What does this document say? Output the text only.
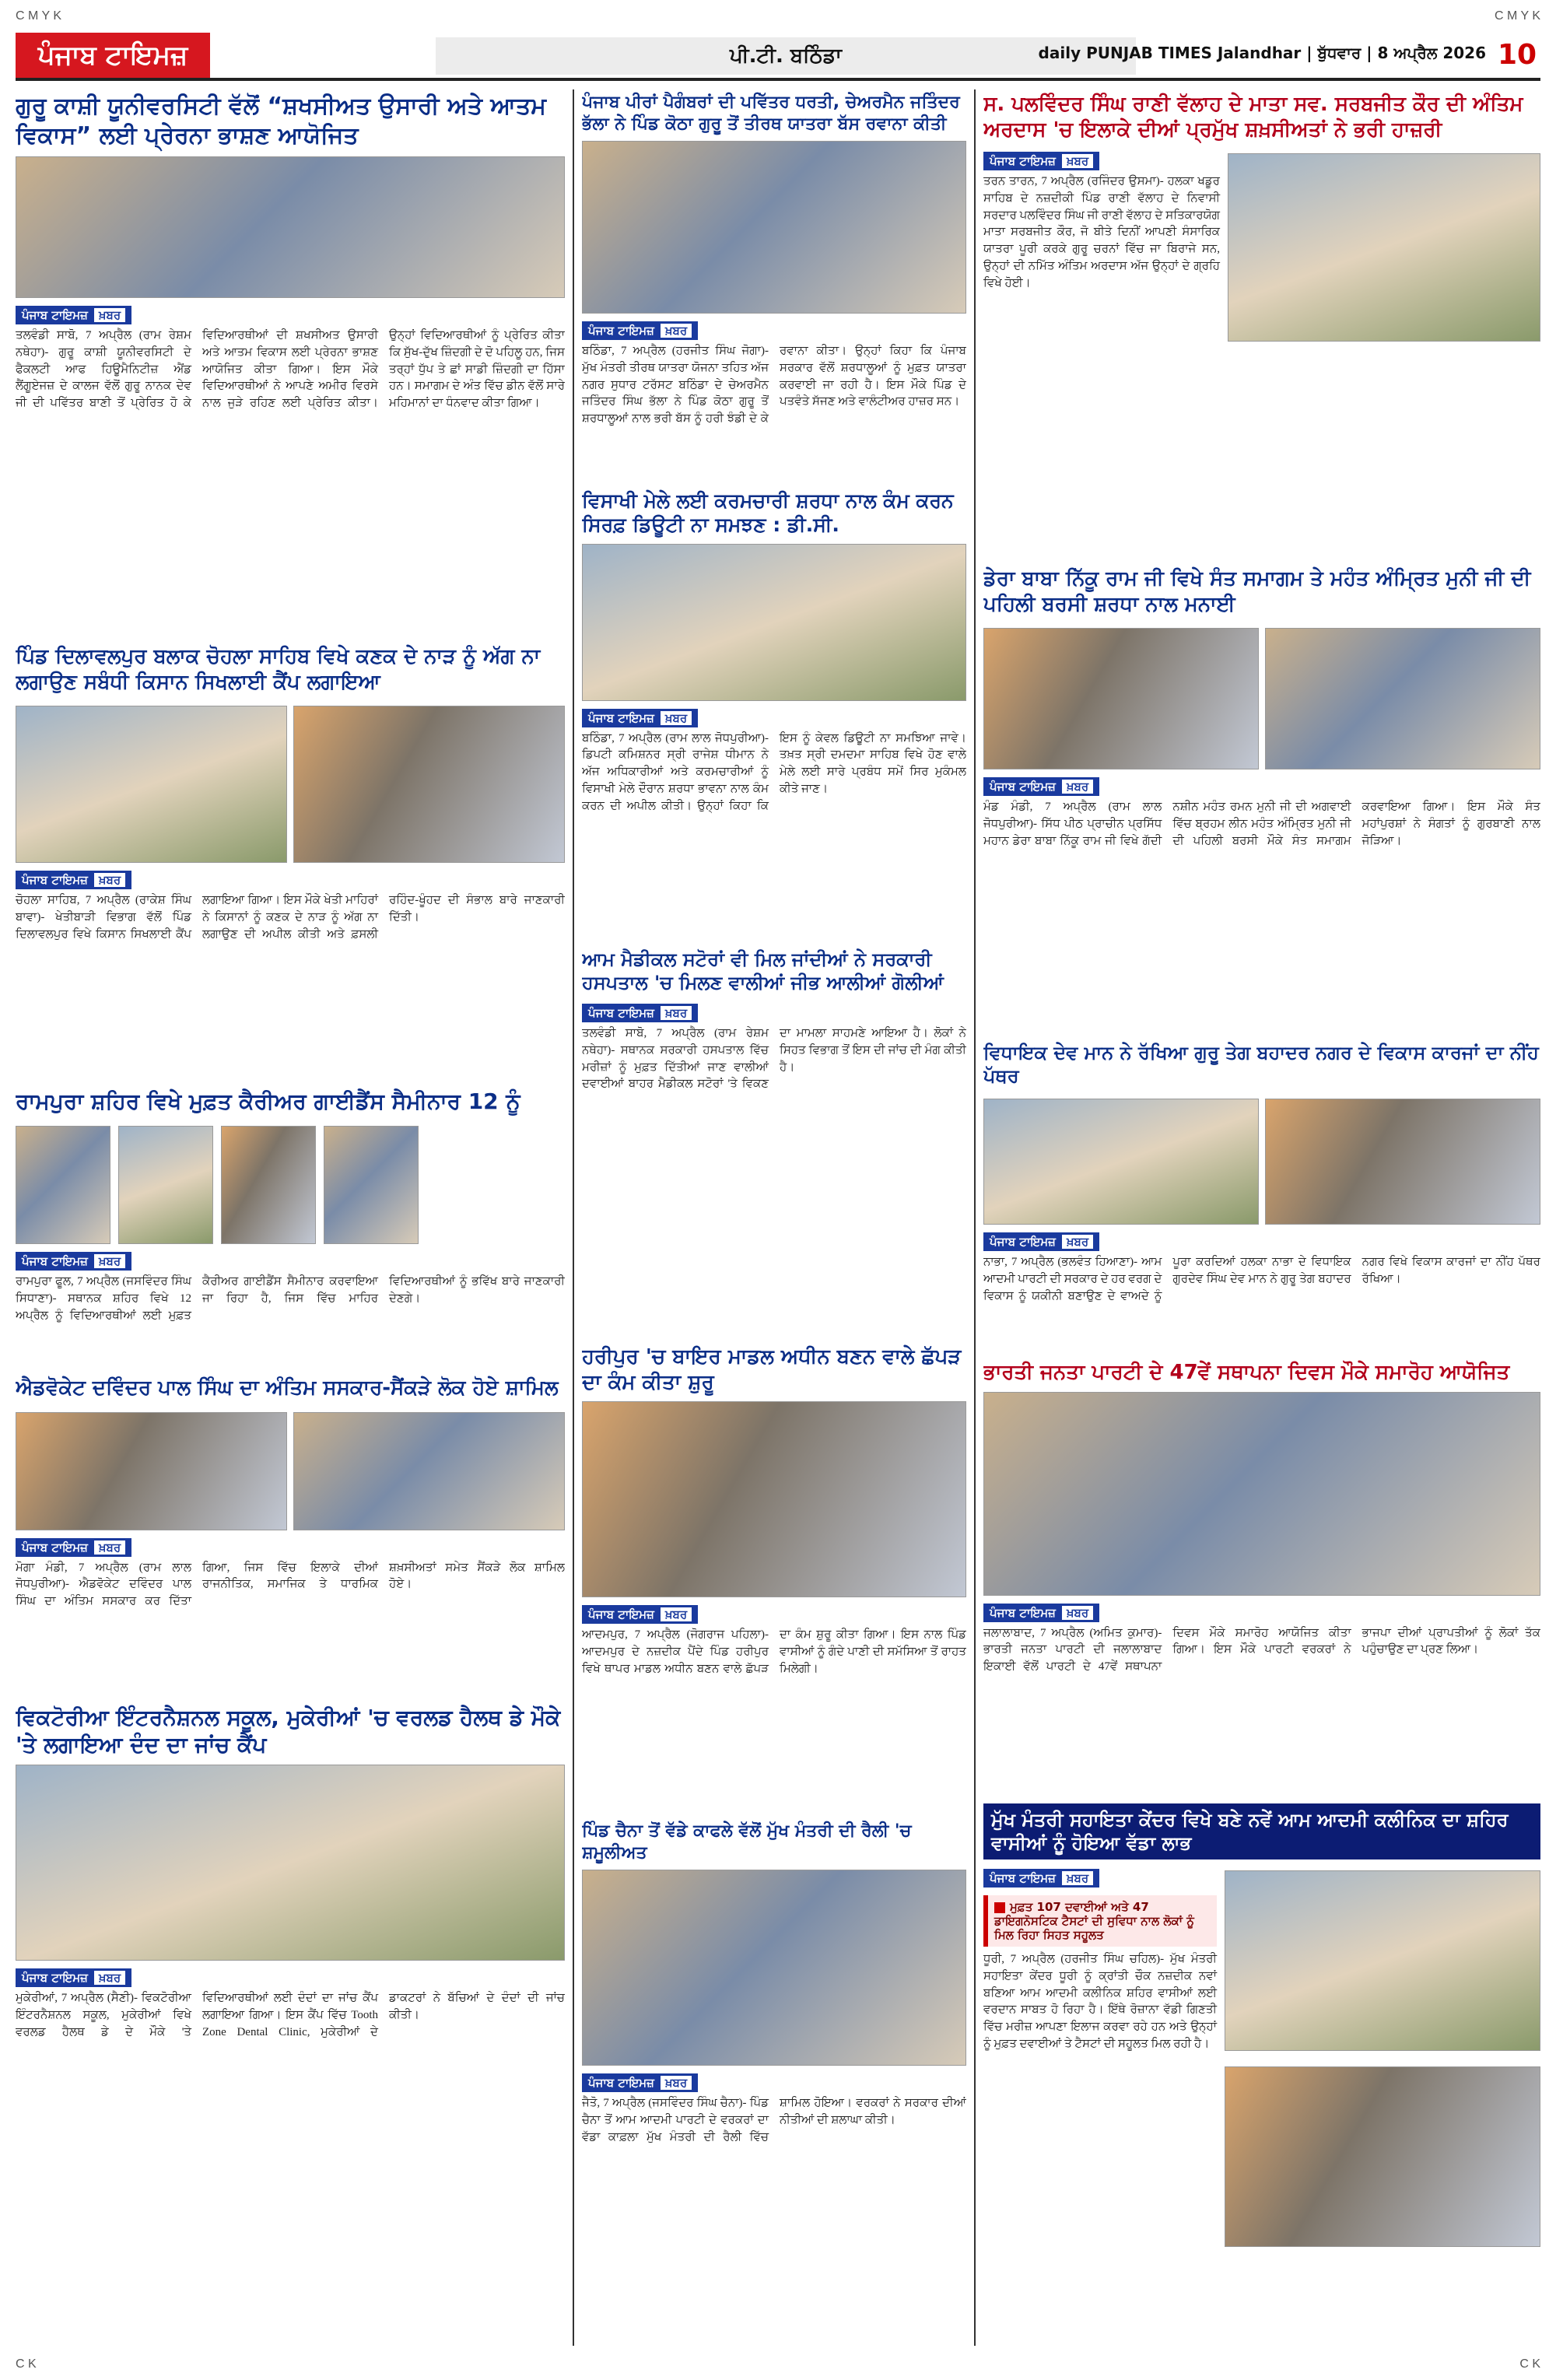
C M Y K	C M Y K
C K	C K
ਪੰਜਾਬ ਟਾਇਮਜ਼	ਪੀ.ਟੀ. ਬਠਿੰਡਾ	daily PUNJAB TIMES Jalandhar | ਬੁੱਧਵਾਰ | 8 ਅਪ੍ਰੈਲ 2026 10
ਗੁਰੂ ਕਾਸ਼ੀ ਯੂਨੀਵਰਸਿਟੀ ਵੱਲੋਂ “ਸ਼ਖਸੀਅਤ ਉਸਾਰੀ ਅਤੇ ਆਤਮ ਵਿਕਾਸ” ਲਈ ਪ੍ਰੇਰਨਾ ਭਾਸ਼ਣ ਆਯੋਜਿਤ
ਪੰਜਾਬ ਟਾਇਮਜ਼ ਖ਼ਬਰ
ਤਲਵੰਡੀ ਸਾਬੋ, 7 ਅਪ੍ਰੈਲ (ਰਾਮ ਰੇਸ਼ਮ ਨਥੇਹਾ)- ਗੁਰੂ ਕਾਸ਼ੀ ਯੂਨੀਵਰਸਿਟੀ ਦੇ ਫੈਕਲਟੀ ਆਫ ਹਿਊਮੈਨਿਟੀਜ਼ ਐਂਡ ਲੈਂਗੂਏਜਜ਼ ਦੇ ਕਾਲਜ ਵੱਲੋਂ ਗੁਰੂ ਨਾਨਕ ਦੇਵ ਜੀ ਦੀ ਪਵਿੱਤਰ ਬਾਣੀ ਤੋਂ ਪ੍ਰੇਰਿਤ ਹੋ ਕੇ ਵਿਦਿਆਰਥੀਆਂ ਦੀ ਸ਼ਖਸੀਅਤ ਉਸਾਰੀ ਅਤੇ ਆਤਮ ਵਿਕਾਸ ਲਈ ਪ੍ਰੇਰਨਾ ਭਾਸ਼ਣ ਆਯੋਜਿਤ ਕੀਤਾ ਗਿਆ। ਇਸ ਮੌਕੇ ਵਿਦਿਆਰਥੀਆਂ ਨੇ ਆਪਣੇ ਅਮੀਰ ਵਿਰਸੇ ਨਾਲ ਜੁੜੇ ਰਹਿਣ ਲਈ ਪ੍ਰੇਰਿਤ ਕੀਤਾ। ਉਨ੍ਹਾਂ ਵਿਦਿਆਰਥੀਆਂ ਨੂੰ ਪ੍ਰੇਰਿਤ ਕੀਤਾ ਕਿ ਸੁੱਖ-ਦੁੱਖ ਜ਼ਿੰਦਗੀ ਦੇ ਦੋ ਪਹਿਲੂ ਹਨ, ਜਿਸ ਤਰ੍ਹਾਂ ਧੁੱਪ ਤੇ ਛਾਂ ਸਾਡੀ ਜ਼ਿੰਦਗੀ ਦਾ ਹਿੱਸਾ ਹਨ। ਸਮਾਗਮ ਦੇ ਅੰਤ ਵਿੱਚ ਡੀਨ ਵੱਲੋਂ ਸਾਰੇ ਮਹਿਮਾਨਾਂ ਦਾ ਧੰਨਵਾਦ ਕੀਤਾ ਗਿਆ।
ਪਿੰਡ ਦਿਲਾਵਲਪੁਰ ਬਲਾਕ ਚੋਹਲਾ ਸਾਹਿਬ ਵਿਖੇ ਕਣਕ ਦੇ ਨਾੜ ਨੂੰ ਅੱਗ ਨਾ ਲਗਾਉਣ ਸਬੰਧੀ ਕਿਸਾਨ ਸਿਖਲਾਈ ਕੈਂਪ ਲਗਾਇਆ
ਪੰਜਾਬ ਟਾਇਮਜ਼ ਖ਼ਬਰ
ਚੋਹਲਾ ਸਾਹਿਬ, 7 ਅਪ੍ਰੈਲ (ਰਾਕੇਸ਼ ਸਿੰਘ ਬਾਵਾ)- ਖੇਤੀਬਾੜੀ ਵਿਭਾਗ ਵੱਲੋਂ ਪਿੰਡ ਦਿਲਾਵਲਪੁਰ ਵਿਖੇ ਕਿਸਾਨ ਸਿਖਲਾਈ ਕੈਂਪ ਲਗਾਇਆ ਗਿਆ। ਇਸ ਮੌਕੇ ਖੇਤੀ ਮਾਹਿਰਾਂ ਨੇ ਕਿਸਾਨਾਂ ਨੂੰ ਕਣਕ ਦੇ ਨਾੜ ਨੂੰ ਅੱਗ ਨਾ ਲਗਾਉਣ ਦੀ ਅਪੀਲ ਕੀਤੀ ਅਤੇ ਫ਼ਸਲੀ ਰਹਿੰਦ-ਖੂੰਹਦ ਦੀ ਸੰਭਾਲ ਬਾਰੇ ਜਾਣਕਾਰੀ ਦਿੱਤੀ।
ਰਾਮਪੁਰਾ ਸ਼ਹਿਰ ਵਿਖੇ ਮੁਫ਼ਤ ਕੈਰੀਅਰ ਗਾਈਡੈਂਸ ਸੈਮੀਨਾਰ 12 ਨੂੰ
ਪੰਜਾਬ ਟਾਇਮਜ਼ ਖ਼ਬਰ
ਰਾਮਪੁਰਾ ਫੂਲ, 7 ਅਪ੍ਰੈਲ (ਜਸਵਿੰਦਰ ਸਿੰਘ ਸਿਧਾਣਾ)- ਸਥਾਨਕ ਸ਼ਹਿਰ ਵਿਖੇ 12 ਅਪ੍ਰੈਲ ਨੂੰ ਵਿਦਿਆਰਥੀਆਂ ਲਈ ਮੁਫ਼ਤ ਕੈਰੀਅਰ ਗਾਈਡੈਂਸ ਸੈਮੀਨਾਰ ਕਰਵਾਇਆ ਜਾ ਰਿਹਾ ਹੈ, ਜਿਸ ਵਿੱਚ ਮਾਹਿਰ ਵਿਦਿਆਰਥੀਆਂ ਨੂੰ ਭਵਿੱਖ ਬਾਰੇ ਜਾਣਕਾਰੀ ਦੇਣਗੇ।
ਐਡਵੋਕੇਟ ਦਵਿੰਦਰ ਪਾਲ ਸਿੰਘ ਦਾ ਅੰਤਿਮ ਸਸਕਾਰ-ਸੈਂਕੜੇ ਲੋਕ ਹੋਏ ਸ਼ਾਮਿਲ
ਪੰਜਾਬ ਟਾਇਮਜ਼ ਖ਼ਬਰ
ਮੋਗਾ ਮੰਡੀ, 7 ਅਪ੍ਰੈਲ (ਰਾਮ ਲਾਲ ਜੋਧਪੁਰੀਆ)- ਐਡਵੋਕੇਟ ਦਵਿੰਦਰ ਪਾਲ ਸਿੰਘ ਦਾ ਅੰਤਿਮ ਸਸਕਾਰ ਕਰ ਦਿੱਤਾ ਗਿਆ, ਜਿਸ ਵਿੱਚ ਇਲਾਕੇ ਦੀਆਂ ਰਾਜਨੀਤਿਕ, ਸਮਾਜਿਕ ਤੇ ਧਾਰਮਿਕ ਸ਼ਖ਼ਸੀਅਤਾਂ ਸਮੇਤ ਸੈਂਕੜੇ ਲੋਕ ਸ਼ਾਮਿਲ ਹੋਏ।
ਵਿਕਟੋਰੀਆ ਇੰਟਰਨੈਸ਼ਨਲ ਸਕੂਲ, ਮੁਕੇਰੀਆਂ 'ਚ ਵਰਲਡ ਹੈਲਥ ਡੇ ਮੌਕੇ 'ਤੇ ਲਗਾਇਆ ਦੰਦ ਦਾ ਜਾਂਚ ਕੈਂਪ
ਪੰਜਾਬ ਟਾਇਮਜ਼ ਖ਼ਬਰ
ਮੁਕੇਰੀਆਂ, 7 ਅਪ੍ਰੈਲ (ਸੈਣੀ)- ਵਿਕਟੋਰੀਆ ਇੰਟਰਨੈਸ਼ਨਲ ਸਕੂਲ, ਮੁਕੇਰੀਆਂ ਵਿਖੇ ਵਰਲਡ ਹੈਲਥ ਡੇ ਦੇ ਮੌਕੇ 'ਤੇ ਵਿਦਿਆਰਥੀਆਂ ਲਈ ਦੰਦਾਂ ਦਾ ਜਾਂਚ ਕੈਂਪ ਲਗਾਇਆ ਗਿਆ। ਇਸ ਕੈਂਪ ਵਿੱਚ Tooth Zone Dental Clinic, ਮੁਕੇਰੀਆਂ ਦੇ ਡਾਕਟਰਾਂ ਨੇ ਬੱਚਿਆਂ ਦੇ ਦੰਦਾਂ ਦੀ ਜਾਂਚ ਕੀਤੀ।
ਪੰਜਾਬ ਪੀਰਾਂ ਪੈਗੰਬਰਾਂ ਦੀ ਪਵਿੱਤਰ ਧਰਤੀ, ਚੇਅਰਮੈਨ ਜਤਿੰਦਰ ਭੱਲਾ ਨੇ ਪਿੰਡ ਕੋਠਾ ਗੁਰੂ ਤੋਂ ਤੀਰਥ ਯਾਤਰਾ ਬੱਸ ਰਵਾਨਾ ਕੀਤੀ
ਪੰਜਾਬ ਟਾਇਮਜ਼ ਖ਼ਬਰ
ਬਠਿੰਡਾ, 7 ਅਪ੍ਰੈਲ (ਹਰਜੀਤ ਸਿੰਘ ਜੋਗਾ)- ਮੁੱਖ ਮੰਤਰੀ ਤੀਰਥ ਯਾਤਰਾ ਯੋਜਨਾ ਤਹਿਤ ਅੱਜ ਨਗਰ ਸੁਧਾਰ ਟਰੱਸਟ ਬਠਿੰਡਾ ਦੇ ਚੇਅਰਮੈਨ ਜਤਿੰਦਰ ਸਿੰਘ ਭੱਲਾ ਨੇ ਪਿੰਡ ਕੋਠਾ ਗੁਰੂ ਤੋਂ ਸ਼ਰਧਾਲੂਆਂ ਨਾਲ ਭਰੀ ਬੱਸ ਨੂੰ ਹਰੀ ਝੰਡੀ ਦੇ ਕੇ ਰਵਾਨਾ ਕੀਤਾ। ਉਨ੍ਹਾਂ ਕਿਹਾ ਕਿ ਪੰਜਾਬ ਸਰਕਾਰ ਵੱਲੋਂ ਸ਼ਰਧਾਲੂਆਂ ਨੂੰ ਮੁਫ਼ਤ ਯਾਤਰਾ ਕਰਵਾਈ ਜਾ ਰਹੀ ਹੈ। ਇਸ ਮੌਕੇ ਪਿੰਡ ਦੇ ਪਤਵੰਤੇ ਸੱਜਣ ਅਤੇ ਵਾਲੰਟੀਅਰ ਹਾਜ਼ਰ ਸਨ।
ਵਿਸਾਖੀ ਮੇਲੇ ਲਈ ਕਰਮਚਾਰੀ ਸ਼ਰਧਾ ਨਾਲ ਕੰਮ ਕਰਨ ਸਿਰਫ਼ ਡਿਊਟੀ ਨਾ ਸਮਝਣ : ਡੀ.ਸੀ.
ਪੰਜਾਬ ਟਾਇਮਜ਼ ਖ਼ਬਰ
ਬਠਿੰਡਾ, 7 ਅਪ੍ਰੈਲ (ਰਾਮ ਲਾਲ ਜੋਧਪੁਰੀਆ)- ਡਿਪਟੀ ਕਮਿਸ਼ਨਰ ਸ੍ਰੀ ਰਾਜੇਸ਼ ਧੀਮਾਨ ਨੇ ਅੱਜ ਅਧਿਕਾਰੀਆਂ ਅਤੇ ਕਰਮਚਾਰੀਆਂ ਨੂੰ ਵਿਸਾਖੀ ਮੇਲੇ ਦੌਰਾਨ ਸ਼ਰਧਾ ਭਾਵਨਾ ਨਾਲ ਕੰਮ ਕਰਨ ਦੀ ਅਪੀਲ ਕੀਤੀ। ਉਨ੍ਹਾਂ ਕਿਹਾ ਕਿ ਇਸ ਨੂੰ ਕੇਵਲ ਡਿਊਟੀ ਨਾ ਸਮਝਿਆ ਜਾਵੇ। ਤਖ਼ਤ ਸ੍ਰੀ ਦਮਦਮਾ ਸਾਹਿਬ ਵਿਖੇ ਹੋਣ ਵਾਲੇ ਮੇਲੇ ਲਈ ਸਾਰੇ ਪ੍ਰਬੰਧ ਸਮੇਂ ਸਿਰ ਮੁਕੰਮਲ ਕੀਤੇ ਜਾਣ।
ਆਮ ਮੈਡੀਕਲ ਸਟੋਰਾਂ ਵੀ ਮਿਲ ਜਾਂਦੀਆਂ ਨੇ ਸਰਕਾਰੀ ਹਸਪਤਾਲ 'ਚ ਮਿਲਣ ਵਾਲੀਆਂ ਜੀਭ ਆਲੀਆਂ ਗੋਲੀਆਂ
ਪੰਜਾਬ ਟਾਇਮਜ਼ ਖ਼ਬਰ
ਤਲਵੰਡੀ ਸਾਬੋ, 7 ਅਪ੍ਰੈਲ (ਰਾਮ ਰੇਸ਼ਮ ਨਥੇਹਾ)- ਸਥਾਨਕ ਸਰਕਾਰੀ ਹਸਪਤਾਲ ਵਿੱਚ ਮਰੀਜ਼ਾਂ ਨੂੰ ਮੁਫ਼ਤ ਦਿੱਤੀਆਂ ਜਾਣ ਵਾਲੀਆਂ ਦਵਾਈਆਂ ਬਾਹਰ ਮੈਡੀਕਲ ਸਟੋਰਾਂ 'ਤੇ ਵਿਕਣ ਦਾ ਮਾਮਲਾ ਸਾਹਮਣੇ ਆਇਆ ਹੈ। ਲੋਕਾਂ ਨੇ ਸਿਹਤ ਵਿਭਾਗ ਤੋਂ ਇਸ ਦੀ ਜਾਂਚ ਦੀ ਮੰਗ ਕੀਤੀ ਹੈ।
ਹਰੀਪੁਰ 'ਚ ਬਾਇਰ ਮਾਡਲ ਅਧੀਨ ਬਣਨ ਵਾਲੇ ਛੱਪੜ ਦਾ ਕੰਮ ਕੀਤਾ ਸ਼ੁਰੂ
ਪੰਜਾਬ ਟਾਇਮਜ਼ ਖ਼ਬਰ
ਆਦਮਪੁਰ, 7 ਅਪ੍ਰੈਲ (ਜੋਗਰਾਜ ਪਹਿਲਾ)- ਆਦਮਪੁਰ ਦੇ ਨਜ਼ਦੀਕ ਪੈਂਦੇ ਪਿੰਡ ਹਰੀਪੁਰ ਵਿਖੇ ਥਾਪਰ ਮਾਡਲ ਅਧੀਨ ਬਣਨ ਵਾਲੇ ਛੱਪੜ ਦਾ ਕੰਮ ਸ਼ੁਰੂ ਕੀਤਾ ਗਿਆ। ਇਸ ਨਾਲ ਪਿੰਡ ਵਾਸੀਆਂ ਨੂੰ ਗੰਦੇ ਪਾਣੀ ਦੀ ਸਮੱਸਿਆ ਤੋਂ ਰਾਹਤ ਮਿਲੇਗੀ।
ਪਿੰਡ ਚੈਨਾ ਤੋਂ ਵੱਡੇ ਕਾਫਲੇ ਵੱਲੋਂ ਮੁੱਖ ਮੰਤਰੀ ਦੀ ਰੈਲੀ 'ਚ ਸ਼ਮੂਲੀਅਤ
ਪੰਜਾਬ ਟਾਇਮਜ਼ ਖ਼ਬਰ
ਜੈਤੋ, 7 ਅਪ੍ਰੈਲ (ਜਸਵਿੰਦਰ ਸਿੰਘ ਚੈਨਾ)- ਪਿੰਡ ਚੈਨਾ ਤੋਂ ਆਮ ਆਦਮੀ ਪਾਰਟੀ ਦੇ ਵਰਕਰਾਂ ਦਾ ਵੱਡਾ ਕਾਫ਼ਲਾ ਮੁੱਖ ਮੰਤਰੀ ਦੀ ਰੈਲੀ ਵਿੱਚ ਸ਼ਾਮਿਲ ਹੋਇਆ। ਵਰਕਰਾਂ ਨੇ ਸਰਕਾਰ ਦੀਆਂ ਨੀਤੀਆਂ ਦੀ ਸ਼ਲਾਘਾ ਕੀਤੀ।
ਸ. ਪਲਵਿੰਦਰ ਸਿੰਘ ਰਾਣੀ ਵੱਲਾਹ ਦੇ ਮਾਤਾ ਸਵ. ਸਰਬਜੀਤ ਕੌਰ ਦੀ ਅੰਤਿਮ ਅਰਦਾਸ 'ਚ ਇਲਾਕੇ ਦੀਆਂ ਪ੍ਰਮੁੱਖ ਸ਼ਖ਼ਸੀਅਤਾਂ ਨੇ ਭਰੀ ਹਾਜ਼ਰੀ
ਪੰਜਾਬ ਟਾਇਮਜ਼ ਖ਼ਬਰ
ਤਰਨ ਤਾਰਨ, 7 ਅਪ੍ਰੈਲ (ਰਜਿੰਦਰ ਉਸਮਾ)- ਹਲਕਾ ਖਡੂਰ ਸਾਹਿਬ ਦੇ ਨਜ਼ਦੀਕੀ ਪਿੰਡ ਰਾਣੀ ਵੱਲਾਹ ਦੇ ਨਿਵਾਸੀ ਸਰਦਾਰ ਪਲਵਿੰਦਰ ਸਿੰਘ ਜੀ ਰਾਣੀ ਵੱਲਾਹ ਦੇ ਸਤਿਕਾਰਯੋਗ ਮਾਤਾ ਸਰਬਜੀਤ ਕੌਰ, ਜੋ ਬੀਤੇ ਦਿਨੀਂ ਆਪਣੀ ਸੰਸਾਰਿਕ ਯਾਤਰਾ ਪੂਰੀ ਕਰਕੇ ਗੁਰੂ ਚਰਨਾਂ ਵਿੱਚ ਜਾ ਬਿਰਾਜੇ ਸਨ, ਉਨ੍ਹਾਂ ਦੀ ਨਮਿੱਤ ਅੰਤਿਮ ਅਰਦਾਸ ਅੱਜ ਉਨ੍ਹਾਂ ਦੇ ਗ੍ਰਹਿ ਵਿਖੇ ਹੋਈ।
ਡੇਰਾ ਬਾਬਾ ਨਿੱਕੂ ਰਾਮ ਜੀ ਵਿਖੇ ਸੰਤ ਸਮਾਗਮ ਤੇ ਮਹੰਤ ਅੰਮ੍ਰਿਤ ਮੁਨੀ ਜੀ ਦੀ ਪਹਿਲੀ ਬਰਸੀ ਸ਼ਰਧਾ ਨਾਲ ਮਨਾਈ
ਪੰਜਾਬ ਟਾਇਮਜ਼ ਖ਼ਬਰ
ਮੰਡ ਮੰਡੀ, 7 ਅਪ੍ਰੈਲ (ਰਾਮ ਲਾਲ ਜੋਧਪੁਰੀਆ)- ਸਿੱਧ ਪੀਠ ਪ੍ਰਾਚੀਨ ਪ੍ਰਸਿੱਧ ਮਹਾਨ ਡੇਰਾ ਬਾਬਾ ਨਿੱਕੂ ਰਾਮ ਜੀ ਵਿਖੇ ਗੱਦੀ ਨਸ਼ੀਨ ਮਹੰਤ ਰਮਨ ਮੁਨੀ ਜੀ ਦੀ ਅਗਵਾਈ ਵਿੱਚ ਬ੍ਰਹਮ ਲੀਨ ਮਹੰਤ ਅੰਮ੍ਰਿਤ ਮੁਨੀ ਜੀ ਦੀ ਪਹਿਲੀ ਬਰਸੀ ਮੌਕੇ ਸੰਤ ਸਮਾਗਮ ਕਰਵਾਇਆ ਗਿਆ। ਇਸ ਮੌਕੇ ਸੰਤ ਮਹਾਂਪੁਰਸ਼ਾਂ ਨੇ ਸੰਗਤਾਂ ਨੂੰ ਗੁਰਬਾਣੀ ਨਾਲ ਜੋੜਿਆ।
ਵਿਧਾਇਕ ਦੇਵ ਮਾਨ ਨੇ ਰੱਖਿਆ ਗੁਰੂ ਤੇਗ ਬਹਾਦਰ ਨਗਰ ਦੇ ਵਿਕਾਸ ਕਾਰਜਾਂ ਦਾ ਨੀਂਹ ਪੱਥਰ
ਪੰਜਾਬ ਟਾਇਮਜ਼ ਖ਼ਬਰ
ਨਾਭਾ, 7 ਅਪ੍ਰੈਲ (ਭਲਵੰਤ ਹਿਆਣਾ)- ਆਮ ਆਦਮੀ ਪਾਰਟੀ ਦੀ ਸਰਕਾਰ ਦੇ ਹਰ ਵਰਗ ਦੇ ਵਿਕਾਸ ਨੂੰ ਯਕੀਨੀ ਬਣਾਉਣ ਦੇ ਵਾਅਦੇ ਨੂੰ ਪੂਰਾ ਕਰਦਿਆਂ ਹਲਕਾ ਨਾਭਾ ਦੇ ਵਿਧਾਇਕ ਗੁਰਦੇਵ ਸਿੰਘ ਦੇਵ ਮਾਨ ਨੇ ਗੁਰੂ ਤੇਗ ਬਹਾਦਰ ਨਗਰ ਵਿਖੇ ਵਿਕਾਸ ਕਾਰਜਾਂ ਦਾ ਨੀਂਹ ਪੱਥਰ ਰੱਖਿਆ।
ਭਾਰਤੀ ਜਨਤਾ ਪਾਰਟੀ ਦੇ 47ਵੇਂ ਸਥਾਪਨਾ ਦਿਵਸ ਮੌਕੇ ਸਮਾਰੋਹ ਆਯੋਜਿਤ
ਪੰਜਾਬ ਟਾਇਮਜ਼ ਖ਼ਬਰ
ਜਲਾਲਾਬਾਦ, 7 ਅਪ੍ਰੈਲ (ਅਮਿਤ ਕੁਮਾਰ)- ਭਾਰਤੀ ਜਨਤਾ ਪਾਰਟੀ ਦੀ ਜਲਾਲਾਬਾਦ ਇਕਾਈ ਵੱਲੋਂ ਪਾਰਟੀ ਦੇ 47ਵੇਂ ਸਥਾਪਨਾ ਦਿਵਸ ਮੌਕੇ ਸਮਾਰੋਹ ਆਯੋਜਿਤ ਕੀਤਾ ਗਿਆ। ਇਸ ਮੌਕੇ ਪਾਰਟੀ ਵਰਕਰਾਂ ਨੇ ਭਾਜਪਾ ਦੀਆਂ ਪ੍ਰਾਪਤੀਆਂ ਨੂੰ ਲੋਕਾਂ ਤੱਕ ਪਹੁੰਚਾਉਣ ਦਾ ਪ੍ਰਣ ਲਿਆ।
ਮੁੱਖ ਮੰਤਰੀ ਸਹਾਇਤਾ ਕੇਂਦਰ ਵਿਖੇ ਬਣੇ ਨਵੇਂ ਆਮ ਆਦਮੀ ਕਲੀਨਿਕ ਦਾ ਸ਼ਹਿਰ ਵਾਸੀਆਂ ਨੂੰ ਹੋਇਆ ਵੱਡਾ ਲਾਭ
ਪੰਜਾਬ ਟਾਇਮਜ਼ ਖ਼ਬਰ
ਮੁਫ਼ਤ 107 ਦਵਾਈਆਂ ਅਤੇ 47 ਡਾਇਗਨੋਸਟਿਕ ਟੈਸਟਾਂ ਦੀ ਸੁਵਿਧਾ ਨਾਲ ਲੋਕਾਂ ਨੂੰ ਮਿਲ ਰਿਹਾ ਸਿਹਤ ਸਹੂਲਤ
ਧੂਰੀ, 7 ਅਪ੍ਰੈਲ (ਹਰਜੀਤ ਸਿੰਘ ਚਹਿਲ)- ਮੁੱਖ ਮੰਤਰੀ ਸਹਾਇਤਾ ਕੇਂਦਰ ਧੂਰੀ ਨੂੰ ਕ੍ਰਾਂਤੀ ਚੌਕ ਨਜ਼ਦੀਕ ਨਵਾਂ ਬਣਿਆ ਆਮ ਆਦਮੀ ਕਲੀਨਿਕ ਸ਼ਹਿਰ ਵਾਸੀਆਂ ਲਈ ਵਰਦਾਨ ਸਾਬਤ ਹੋ ਰਿਹਾ ਹੈ। ਇੱਥੇ ਰੋਜ਼ਾਨਾ ਵੱਡੀ ਗਿਣਤੀ ਵਿੱਚ ਮਰੀਜ਼ ਆਪਣਾ ਇਲਾਜ ਕਰਵਾ ਰਹੇ ਹਨ ਅਤੇ ਉਨ੍ਹਾਂ ਨੂੰ ਮੁਫ਼ਤ ਦਵਾਈਆਂ ਤੇ ਟੈਸਟਾਂ ਦੀ ਸਹੂਲਤ ਮਿਲ ਰਹੀ ਹੈ।
